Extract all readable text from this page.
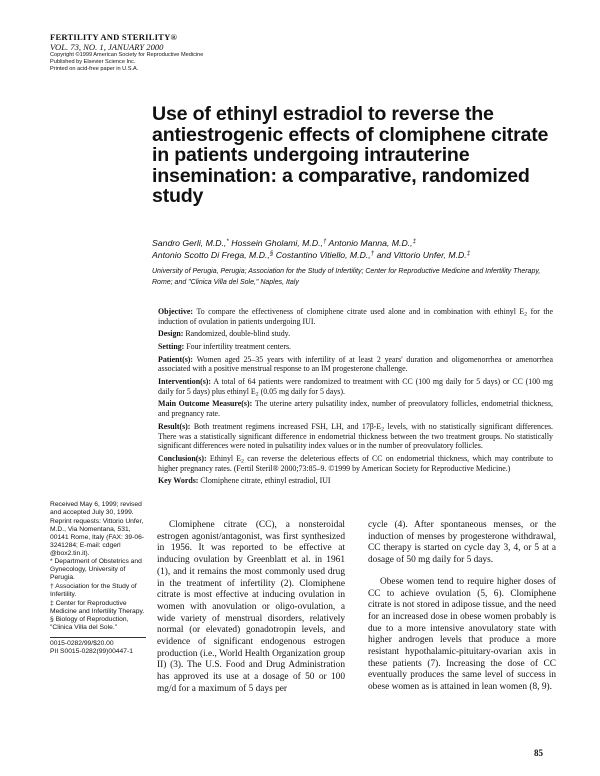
FERTILITY AND STERILITY®
VOL. 73, NO. 1, JANUARY 2000
Copyright ©1999 American Society for Reproductive Medicine
Published by Elsevier Science Inc.
Printed on acid-free paper in U.S.A.
Use of ethinyl estradiol to reverse the antiestrogenic effects of clomiphene citrate in patients undergoing intrauterine insemination: a comparative, randomized study
Sandro Gerli, M.D.,* Hossein Gholami, M.D.,† Antonio Manna, M.D.,‡
Antonio Scotto Di Frega, M.D.,§ Costantino Vitiello, M.D.,† and Vittorio Unfer, M.D.‡
University of Perugia, Perugia; Association for the Study of Infertility; Center for Reproductive Medicine and Infertility Therapy, Rome; and "Clinica Villa del Sole," Naples, Italy

Objective: To compare the effectiveness of clomiphene citrate used alone and in combination with ethinyl $E_2$ for the induction of ovulation in patients undergoing IUI.

Design: Randomized, double-blind study.

Setting: Four infertility treatment centers.

Patient(s): Women aged 25–35 years with infertility of at least 2 years' duration and oligomenorrhea or amenorrhea associated with a positive menstrual response to an IM progesterone challenge.

Intervention(s): A total of 64 patients were randomized to treatment with CC (100 mg daily for 5 days) or CC (100 mg daily for 5 days) plus ethinyl $E_2$ (0.05 mg daily for 5 days).

Main Outcome Measure(s): The uterine artery pulsatility index, number of preovulatory follicles, endometrial thickness, and pregnancy rate.

Result(s): Both treatment regimens increased FSH, LH, and $17\beta-E_2$ levels, with no statistically significant differences. There was a statistically significant difference in endometrial thickness between the two treatment groups. No statistically significant differences were noted in pulsatility index values or in the number of preovulatory follicles.

Conclusion(s): Ethinyl $E_2$ can reverse the deleterious effects of CC on endometrial thickness, which may contribute to higher pregnancy rates. (Fertil Steril® 2000;73:85–9. ©1999 by American Society for Reproductive Medicine.)

Key Words: Clomiphene citrate, ethinyl estradiol, IUI

Received May 6, 1999; revised and accepted July 30, 1999.
Reprint requests: Vittorio Unfer, M.D., Via Nomentana, 531, 00141 Rome, Italy (FAX: 39-06-3241284; E-mail: cdgerl @box2.tin.it).
* Department of Obstetrics and Gynecology, University of Perugia.
† Association for the Study of Infertility.
‡ Center for Reproductive Medicine and Infertility Therapy.
§ Biology of Reproduction, "Clinica Villa del Sole."
0015-0282/99/$20.00
PII S0015-0282(99)00447-1

Clomiphene citrate (CC), a nonsteroidal estrogen agonist/antagonist, was first synthesized in 1956. It was reported to be effective at inducing ovulation by Greenblatt et al. in 1961 (1), and it remains the most commonly used drug in the treatment of infertility (2). Clomiphene citrate is most effective at inducing ovulation in women with anovulation or oligo-ovulation, a wide variety of menstrual disorders, relatively normal (or elevated) gonadotropin levels, and evidence of significant endogenous estrogen production (i.e., World Health Organization group II) (3). The U.S. Food and Drug Administration has approved its use at a dosage of 50 or 100 mg/d for a maximum of 5 days per

cycle (4). After spontaneous menses, or the induction of menses by progesterone withdrawal, CC therapy is started on cycle day 3, 4, or 5 at a dosage of 50 mg daily for 5 days.

Obese women tend to require higher doses of CC to achieve ovulation (5, 6). Clomiphene citrate is not stored in adipose tissue, and the need for an increased dose in obese women probably is due to a more intensive anovulatory state with higher androgen levels that produce a more resistant hypothalamic-pituitary-ovarian axis in these patients (7). Increasing the dose of CC eventually produces the same level of success in obese women as is attained in lean women (8, 9).

85
